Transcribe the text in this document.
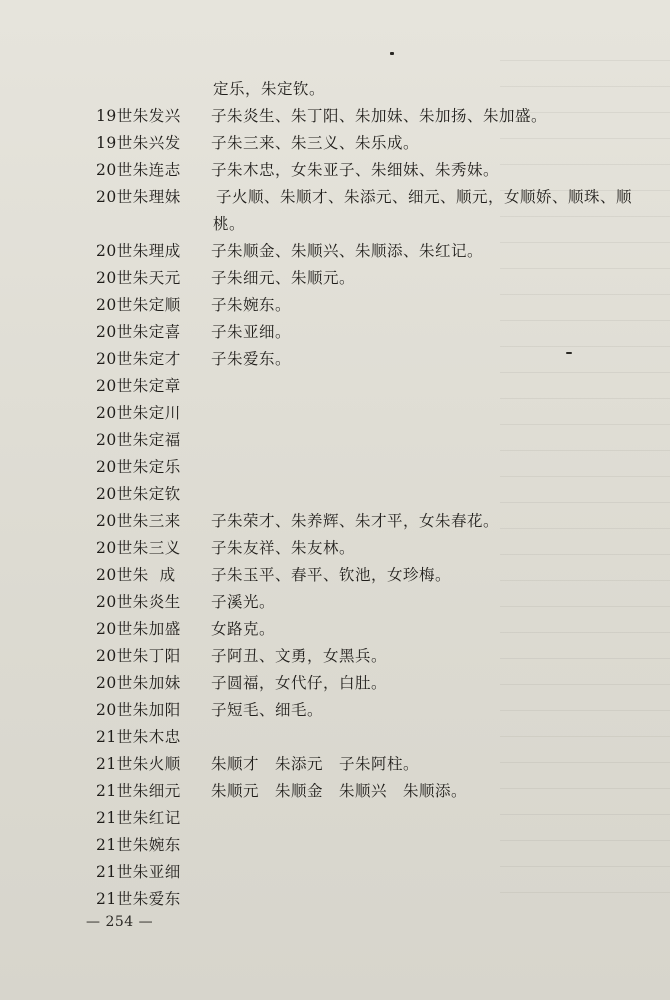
定乐，朱定钦。
19世朱发兴	子朱炎生、朱丁阳、朱加妹、朱加扬、朱加盛。
19世朱兴发	子朱三来、朱三义、朱乐成。
20世朱连志	子朱木忠，女朱亚子、朱细妹、朱秀妹。
20世朱理妹	子火顺、朱顺才、朱添元、细元、顺元，女顺娇、顺珠、顺
桃。
20世朱理成	子朱顺金、朱顺兴、朱顺添、朱红记。
20世朱天元	子朱细元、朱顺元。
20世朱定顺	子朱婉东。
20世朱定喜	子朱亚细。
20世朱定才	子朱爱东。
20世朱定章
20世朱定川
20世朱定福
20世朱定乐
20世朱定钦
20世朱三来	子朱荣才、朱养辉、朱才平，女朱春花。
20世朱三义	子朱友祥、朱友林。
20世朱  成	子朱玉平、春平、钦池，女珍梅。
20世朱炎生	子溪光。
20世朱加盛	女路克。
20世朱丁阳	子阿丑、文勇，女黑兵。
20世朱加妹	子圆福，女代仔，白肚。
20世朱加阳	子短毛、细毛。
21世朱木忠
21世朱火顺	朱顺才　朱添元　子朱阿柱。
21世朱细元	朱顺元　朱顺金　朱顺兴　朱顺添。
21世朱红记
21世朱婉东
21世朱亚细
21世朱爱东
— 254 —
